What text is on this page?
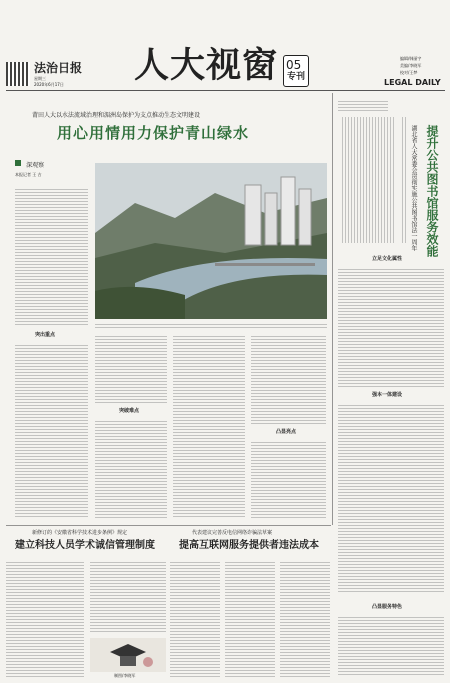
法治日报
星期三
2020年6月17日 人大视窗 05
专刊
编辑/韩丽宇
美编/李晓军
校对/王梦
LEGAL DAILY
莆田人大以水法流域治理和湄洲岛保护为支点推动生态文明建设
用心用情用力保护青山绿水
深观察
本报记者 王 吉
突出重点
突破难点
凸显亮点
提升公共图书馆服务效能
湖北省人大常委会贯彻实施公共图书馆法一周年
立足文化属性
强本一体建设
凸显服务特色
新修订的《安徽省科学技术进步条例》规定
建立科技人员学术诚信管理制度
制图/李晓军
代表建议完善反电信网络诈骗法草案
提高互联网服务提供者违法成本
